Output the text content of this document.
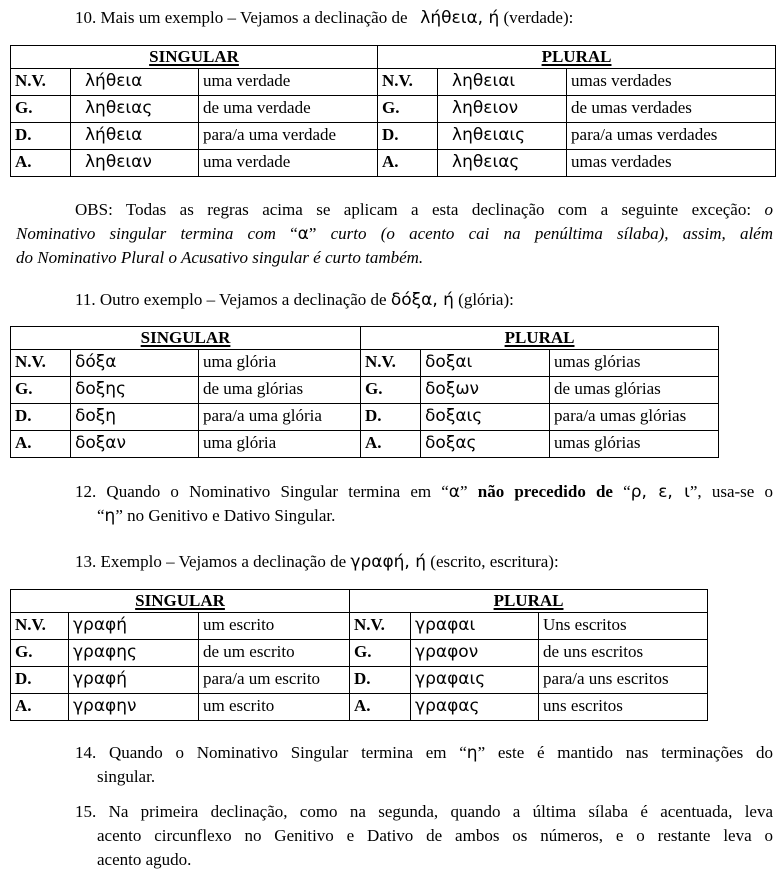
10. Mais um exemplo – Vejamos a declinação de   λήθεια, ή (verdade):
SINGULAR			PLURAL		
N.V.	λήθεια	uma verdade	N.V.	ληθειαι	umas verdades
G.	ληθειας	de uma verdade	G.	ληθειον	de umas verdades
D.	λήθεια	para/a uma verdade	D.	ληθειαις	para/a umas verdades
A.	ληθειαν	uma verdade	A.	ληθειας	umas verdades
OBS: Todas as regras acima se aplicam a esta declinação com a seguinte exceção: o
Nominativo singular termina com “α” curto (o acento cai na penúltima sílaba), assim, além
do Nominativo Plural o Acusativo singular é curto também.
11. Outro exemplo – Vejamos a declinação de δόξα, ή (glória):
SINGULAR			PLURAL		
N.V.	δόξα	uma glória	N.V.	δοξαι	umas glórias
G.	δοξης	de uma glórias	G.	δοξων	de umas glórias
D.	δοξη	para/a uma glória	D.	δοξαις	para/a umas glórias
A.	δοξαν	uma glória	A.	δοξας	umas glórias
12. Quando o Nominativo Singular termina em “α” não precedido de “ρ, ε, ι”, usa-se o
“η” no Genitivo e Dativo Singular.
13. Exemplo – Vejamos a declinação de γραφή, ή (escrito, escritura):
SINGULAR			PLURAL		
N.V.	γραφή	um escrito	N.V.	γραφαι	Uns escritos
G.	γραφης	de um escrito	G.	γραφον	de uns escritos
D.	γραφή	para/a um escrito	D.	γραφαις	para/a uns escritos
A.	γραφην	um escrito	A.	γραφας	uns escritos
14. Quando o Nominativo Singular termina em “η” este é mantido nas terminações do
singular.
15. Na primeira declinação, como na segunda, quando a última sílaba é acentuada, leva
acento circunflexo no Genitivo e Dativo de ambos os números, e o restante leva o
acento agudo.
